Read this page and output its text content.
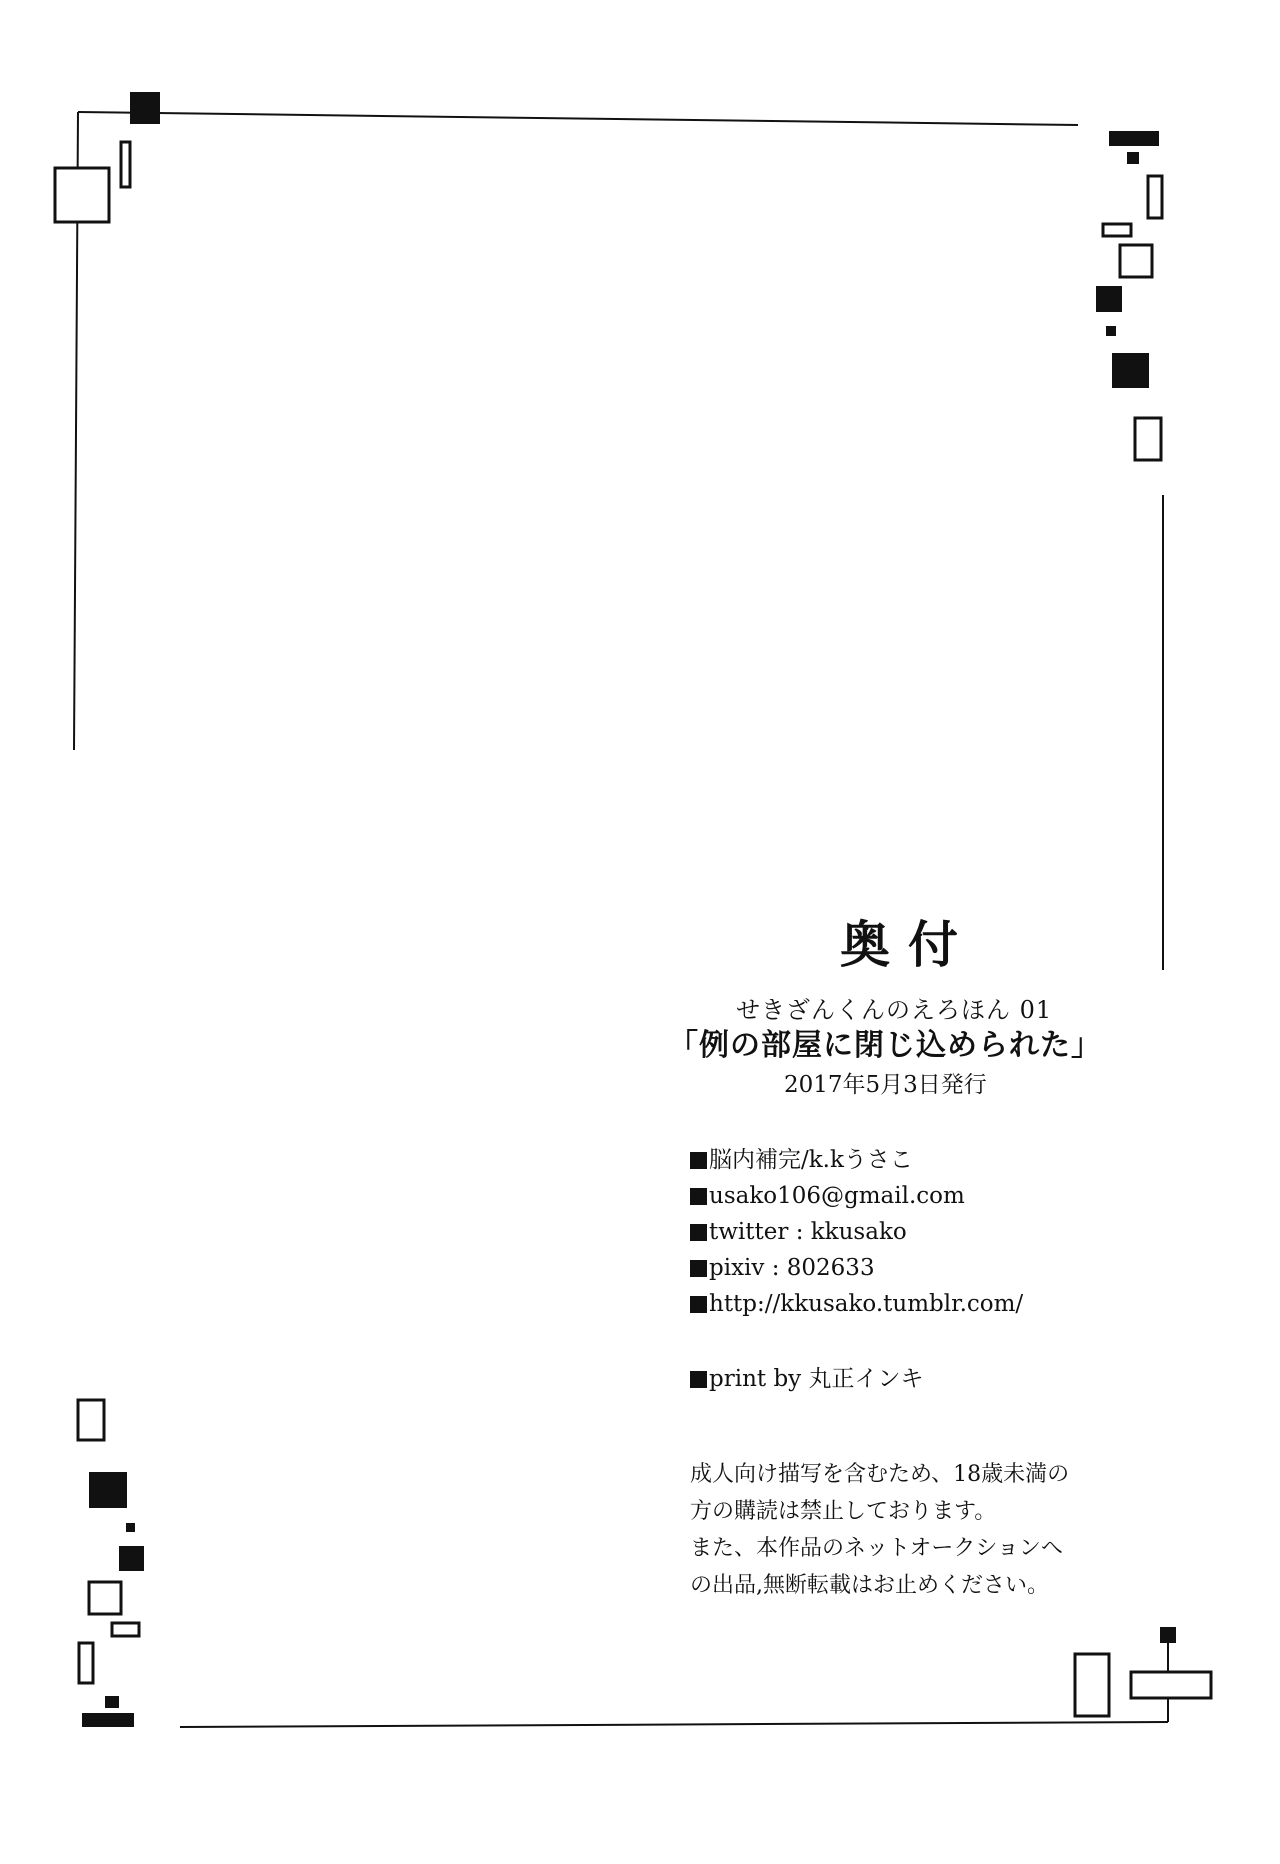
奥付
せきざんくんのえろほん 01
「例の部屋に閉じ込められた」
2017年5月3日発行
脳内補完/k.kうさこ
usako106@gmail.com
twitter : kkusako
pixiv : 802633
http://kkusako.tumblr.com/
print by 丸正インキ

成人向け描写を含むため、18歳未満の
方の購読は禁止しております。
また、本作品のネットオークションへ
の出品,無断転載はお止めください。
